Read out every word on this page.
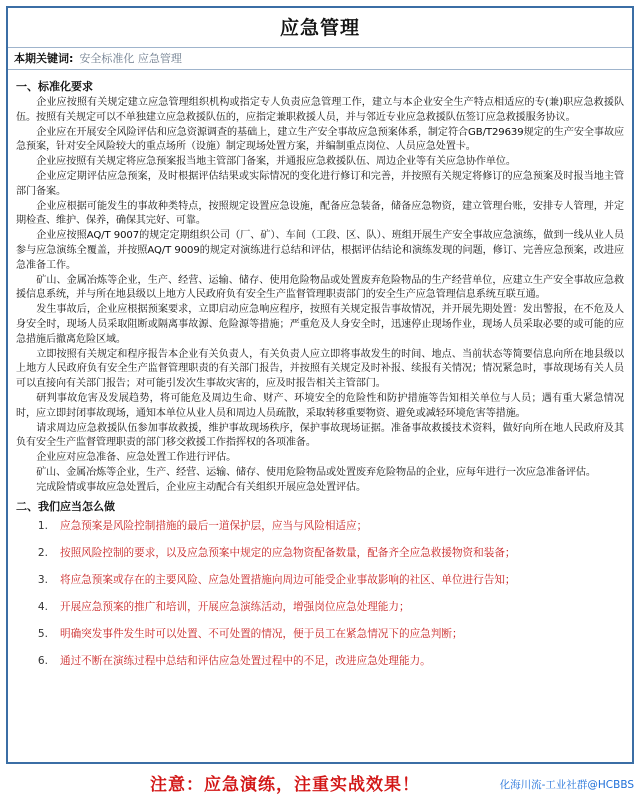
应急管理
本期关键词: 安全标准化 应急管理
一、标准化要求

企业应按照有关规定建立应急管理组织机构或指定专人负责应急管理工作，建立与本企业安全生产特点相适应的专(兼)职应急救援队伍。按照有关规定可以不单独建立应急救援队伍的，应指定兼职救援人员，并与邻近专业应急救援队伍签订应急救援服务协议。

企业应在开展安全风险评估和应急资源调查的基础上，建立生产安全事故应急预案体系，制定符合GB/T29639规定的生产安全事故应急预案，针对安全风险较大的重点场所（设施）制定现场处置方案，并编制重点岗位、人员应急处置卡。

企业应按照有关规定将应急预案报当地主管部门备案，并通报应急救援队伍、周边企业等有关应急协作单位。

企业应定期评估应急预案，及时根据评估结果或实际情况的变化进行修订和完善，并按照有关规定将修订的应急预案及时报当地主管部门备案。

企业应根据可能发生的事故种类特点，按照规定设置应急设施，配备应急装备，储备应急物资，建立管理台账，安排专人管理，并定期检查、维护、保养，确保其完好、可靠。

企业应按照AQ/T 9007的规定定期组织公司（厂、矿）、车间（工段、区、队）、班组开展生产安全事故应急演练，做到一线从业人员参与应急演练全覆盖，并按照AQ/T 9009的规定对演练进行总结和评估，根据评估结论和演练发现的问题，修订、完善应急预案，改进应急准备工作。

矿山、金属冶炼等企业，生产、经营、运输、储存、使用危险物品或处置废弃危险物品的生产经营单位，应建立生产安全事故应急救援信息系统，并与所在地县级以上地方人民政府负有安全生产监督管理职责部门的安全生产应急管理信息系统互联互通。

发生事故后，企业应根据预案要求，立即启动应急响应程序，按照有关规定报告事故情况，并开展先期处置：发出警报，在不危及人身安全时，现场人员采取阻断或隔离事故源、危险源等措施；严重危及人身安全时，迅速停止现场作业，现场人员采取必要的或可能的应急措施后撤离危险区域。

立即按照有关规定和程序报告本企业有关负责人，有关负责人应立即将事故发生的时间、地点、当前状态等简要信息向所在地县级以上地方人民政府负有安全生产监督管理职责的有关部门报告，并按照有关规定及时补报、续报有关情况；情况紧急时，事故现场有关人员可以直接向有关部门报告；对可能引发次生事故灾害的，应及时报告相关主管部门。

研判事故危害及发展趋势，将可能危及周边生命、财产、环境安全的危险性和防护措施等告知相关单位与人员；遇有重大紧急情况时，应立即封闭事故现场，通知本单位从业人员和周边人员疏散，采取转移重要物资、避免或减轻环境危害等措施。

请求周边应急救援队伍参加事故救援，维护事故现场秩序，保护事故现场证据。准备事故救援技术资料，做好向所在地人民政府及其负有安全生产监督管理职责的部门移交救援工作指挥权的各项准备。

企业应对应急准备、应急处置工作进行评估。

矿山、金属冶炼等企业，生产、经营、运输、储存、使用危险物品或处置废弃危险物品的企业，应每年进行一次应急准备评估。

完成险情或事故应急处置后，企业应主动配合有关组织开展应急处置评估。

二、我们应当怎么做
1.	应急预案是风险控制措施的最后一道保护层，应当与风险相适应；
2.	按照风险控制的要求，以及应急预案中规定的应急物资配备数量，配备齐全应急救援物资和装备；
3.	将应急预案或存在的主要风险、应急处置措施向周边可能受企业事故影响的社区、单位进行告知；
4.	开展应急预案的推广和培训，开展应急演练活动，增强岗位应急处理能力；
5.	明确突发事件发生时可以处置、不可处置的情况，便于员工在紧急情况下的应急判断；
6.	通过不断在演练过程中总结和评估应急处置过程中的不足，改进应急处理能力。
注意：应急演练，注重实战效果！	化海川流-工业社群@HCBBS
